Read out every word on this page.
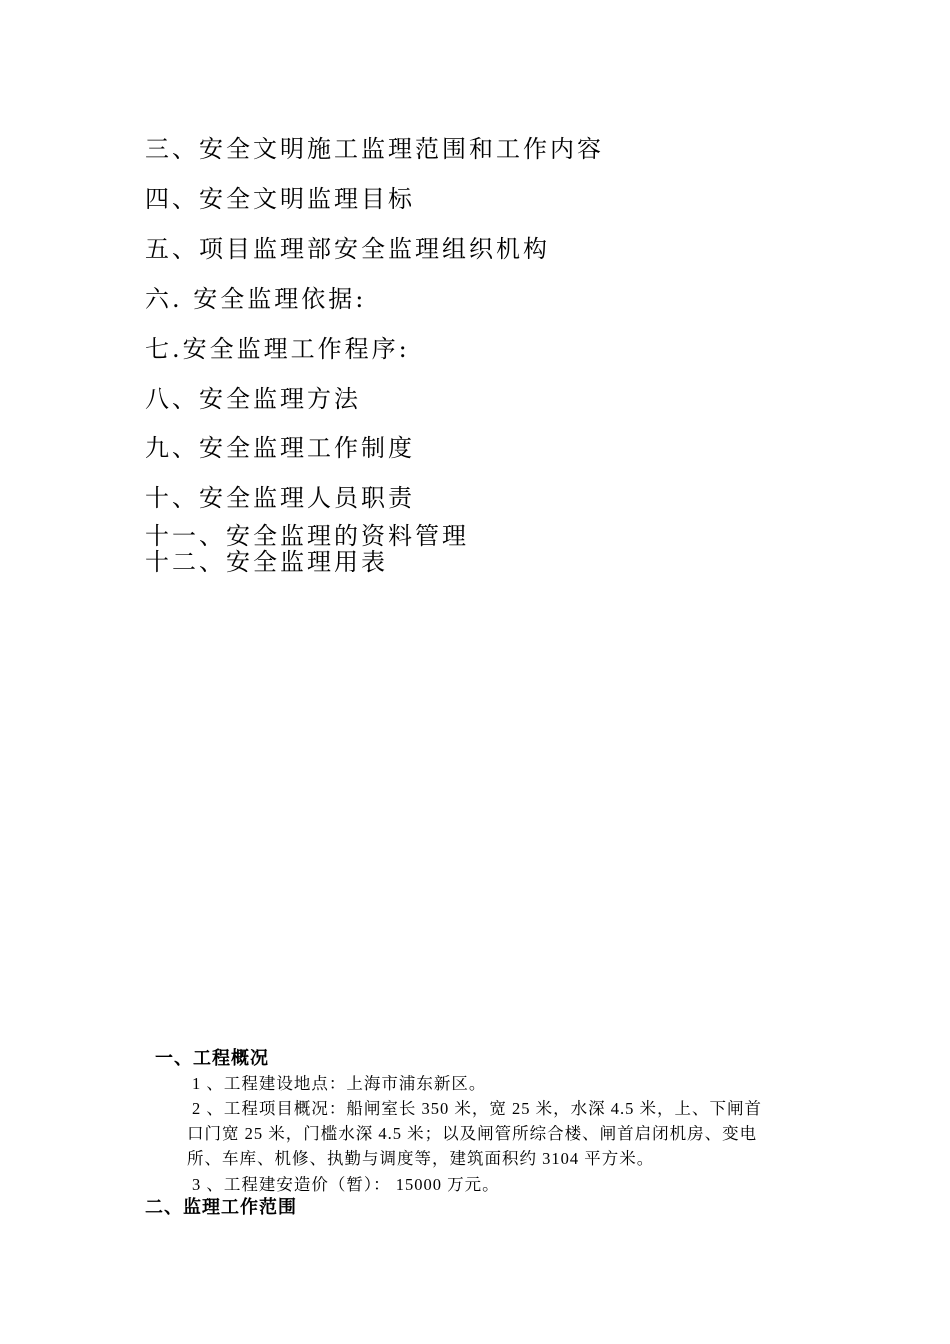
三、安全文明施工监理范围和工作内容
四、安全文明监理目标
五、项目监理部安全监理组织机构
六. 安全监理依据:
七.安全监理工作程序:
八、安全监理方法
九、安全监理工作制度
十、安全监理人员职责
十一、安全监理的资料管理
十二、安全监理用表
一、工程概况
1 、工程建设地点：上海市浦东新区。
2 、工程项目概况：船闸室长 350 米，宽 25 米，水深 4.5 米，上、下闸首
口门宽 25 米，门槛水深 4.5 米；以及闸管所综合楼、闸首启闭机房、变电
所、车库、机修、执勤与调度等，建筑面积约 3104 平方米。
3 、工程建安造价（暂）： 15000 万元。
二、监理工作范围
